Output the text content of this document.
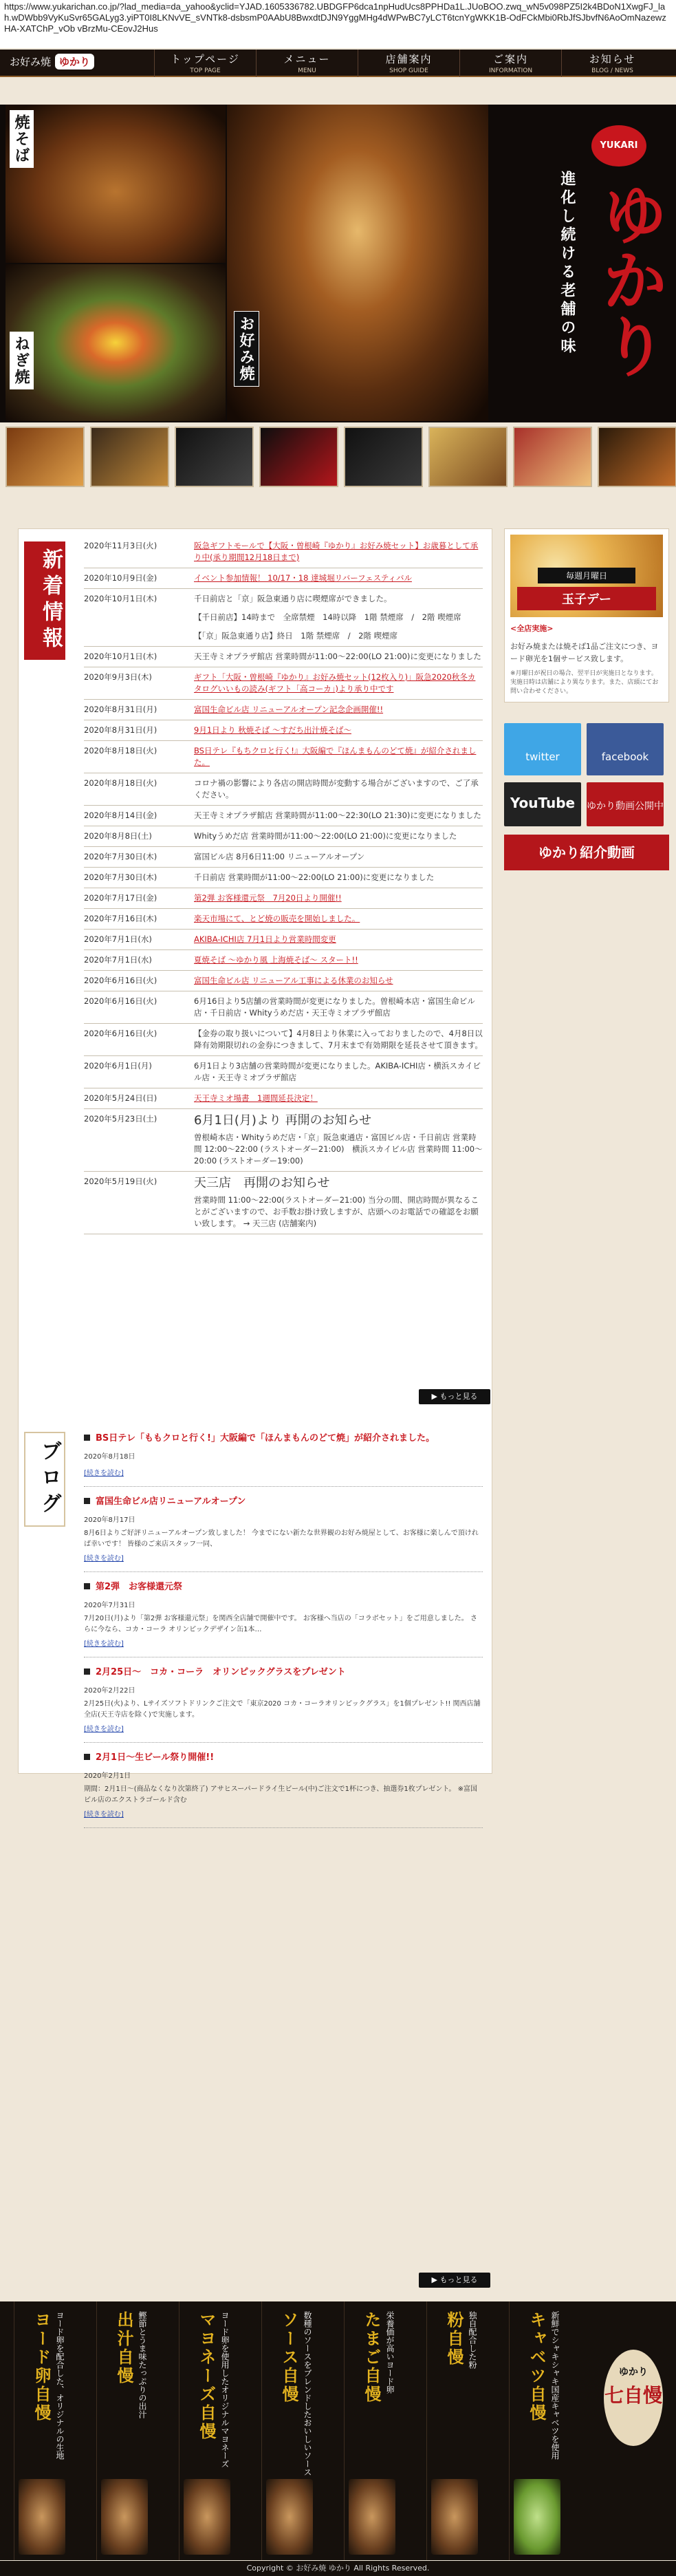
https://www.yukarichan.co.jp/?lad_media=da_yahoo&yclid=YJAD.1605336782.UBDGFP6dca1npHudUcs8PPHDa1L.JUoBOO.zwq_wN5v098PZ5I2k4BDoN1XwgFJ_lah.wDWbb9VyKuSvr65GALyg3.yiPT0I8LKNvVE_sVNTk8-dsbsmP0AAbU8BwxdtDJN9YggMHg4dWPwBC7yLCT6tcnYgWKK1B-OdFCkMbi0RbJfSJbvfN6AoOmNazewzHA-XATChP_vOb vBrzMu-CEovJ2Hus
お好み焼 ゆかり	トップページ
TOP PAGE
メニュー
MENU
店舗案内
SHOP GUIDE
ご案内
INFORMATION
お知らせ
BLOG / NEWS
焼そば
お好み焼
ねぎ焼
YUKARI
進化し続ける老舗の味 ゆかり
新着情報
2020年11月3日(火)	阪急ギフトモールで【大阪・曽根崎『ゆかり』お好み焼セット】お歳暮として承り中(承り期間12月18日まで)
2020年10月9日(金)	イベント参加情報！ 10/17・18 達城堀リバーフェスティバル
2020年10月1日(木)	千日前店と「京」阪急東通り店に喫煙席ができました。

【千日前店】14時まで　全席禁煙　14時以降　1階 禁煙席　/　2階 喫煙席

【「京」阪急東通り店】終日　1階 禁煙席　/　2階 喫煙席

2020年10月1日(木)	天王寺ミオプラザ館店 営業時間が11:00～22:00(LO 21:00)に変更になりました
2020年9月3日(木)	ギフト「大阪・曽根崎『ゆかり』お好み焼セット(12枚入り)」阪急2020秋冬カタログいいもの読み(ギフト「高コーカ」)より承り中です
2020年8月31日(月)	富国生命ビル店 リニューアルオープン記念企画開催!!
2020年8月31日(月)	9月1日より 秋焼そば ～すだち出汁焼そば～
2020年8月18日(火)	BS日テレ『もちクロと行く!』大阪編で『ほんまもんのどて焼』が紹介されました。
2020年8月18日(火)	コロナ禍の影響により各店の開店時間が変動する場合がございますので、ご了承ください。
2020年8月14日(金)	天王寺ミオプラザ館店 営業時間が11:00～22:30(LO 21:30)に変更になりました
2020年8月8日(土)	Whityうめだ店 営業時間が11:00～22:00(LO 21:00)に変更になりました
2020年7月30日(木)	富国ビル店 8月6日11:00 リニューアルオープン
2020年7月30日(木)	千日前店 営業時間が11:00～22:00(LO 21:00)に変更になりました
2020年7月17日(金)	第2弾 お客様還元祭　7月20日より開催!!
2020年7月16日(木)	楽天市場にて、とど焼の販売を開始しました。
2020年7月1日(水)	AKIBA-ICHI店 7月1日より営業時間変更
2020年7月1日(水)	夏焼そば ～ゆかり風 上海焼そば～ スタート!!
2020年6月16日(火)	富国生命ビル店 リニューアル工事による休業のお知らせ
2020年6月16日(火)	6月16日より5店舗の営業時間が変更になりました。曽根崎本店・富国生命ビル店・千日前店・Whityうめだ店・天王寺ミオプラザ館店
2020年6月16日(火)	【金券の取り扱いについて】4月8日より休業に入っておりましたので、4月8日以降有効期限切れの金券につきまして、7月末まで有効期限を延長させて頂きます。
2020年6月1日(月)	6月1日より3店舗の営業時間が変更になりました。AKIBA-ICHI店・横浜スカイビル店・天王寺ミオプラザ館店
2020年5月24日(日)	天王寺ミオ場書　1週間延長決定！
2020年5月23日(土)	6月1日(月)より 再開のお知らせ

曽根崎本店・Whityうめだ店・「京」阪急東通店・富国ビル店・千日前店 営業時間 12:00～22:00 (ラストオーダー21:00)　横浜スカイビル店 営業時間 11:00～20:00 (ラストオーダー19:00)

2020年5月19日(火)	天三店　再開のお知らせ

営業時間 11:00～22:00(ラストオーダー21:00) 当分の間、開店時間が異なることがございますので、お手数お掛け致しますが、店頭へのお電話での確認をお願い致します。 → 天三店 (店舗案内)

▶ もっと見る
ブログ
BS日テレ「ももクロと行く!」大阪編で「ほんまもんのどて焼」が紹介されました。
2020年8月18日
[続きを読む]
富国生命ビル店リニューアルオープン
2020年8月17日
8月6日よりご好評リニューアルオープン致しました！ 今までにない新たな世界観のお好み焼屋として、お客様に楽しんで頂ければ幸いです！ 皆様のご来店スタッフ一同、
[続きを読む]
第2弾　お客様還元祭
2020年7月31日
7月20日(月)より「第2弾 お客様還元祭」を関西全店舗で開催中です。 お客様へ当店の「コラボセット」をご用意しました。 さらに今なら、コカ・コーラ オリンピックデザイン缶1本…
[続きを読む]
2月25日～　コカ・コーラ　オリンピックグラスをプレゼント
2020年2月22日
2月25日(火)より、Lサイズソフトドリンクご注文で「東京2020 コカ・コーラオリンピックグラス」を1個プレゼント!! 関西店舗全店(天王寺店を除く)で実施します。
[続きを読む]
2月1日～生ビール祭り開催!!
2020年2月1日
期間：2月1日～(商品なくなり次第終了) アサヒスーパードライ生ビール(中)ご注文で1杯につき、抽選券1枚プレゼント。 ※富国ビル店のエクストラゴールド含む
[続きを読む]
▶ もっと見る
毎週月曜日
玉子デー
<全店実施>
お好み焼または焼そば1品ご注文につき、ヨード卵光を1個サービス致します。
※月曜日が祝日の場合、翌平日が実施日となります。 実施日時は店舗により異なります。また、店頭にてお問い合わせください。
twitter	facebook
YouTube	ゆかり動画公開中
ゆかり紹介動画
ヨード卵自慢 ヨード卵を配合した、オリジナルの生地	出汁自慢 鰹節とうま味たっぷりの出汁	マヨネーズ自慢 ヨード卵を使用したオリジナルマヨネーズ	ソース自慢 数種のソースをブレンドしたおいしいソース	たまご自慢 栄養価が高いヨード卵	粉自慢 独自配合した粉	キャベツ自慢 新鮮でシャキシャキ国産キャベツを使用	ゆかり
七自慢
Copyright © お好み焼 ゆかり All Rights Reserved.
